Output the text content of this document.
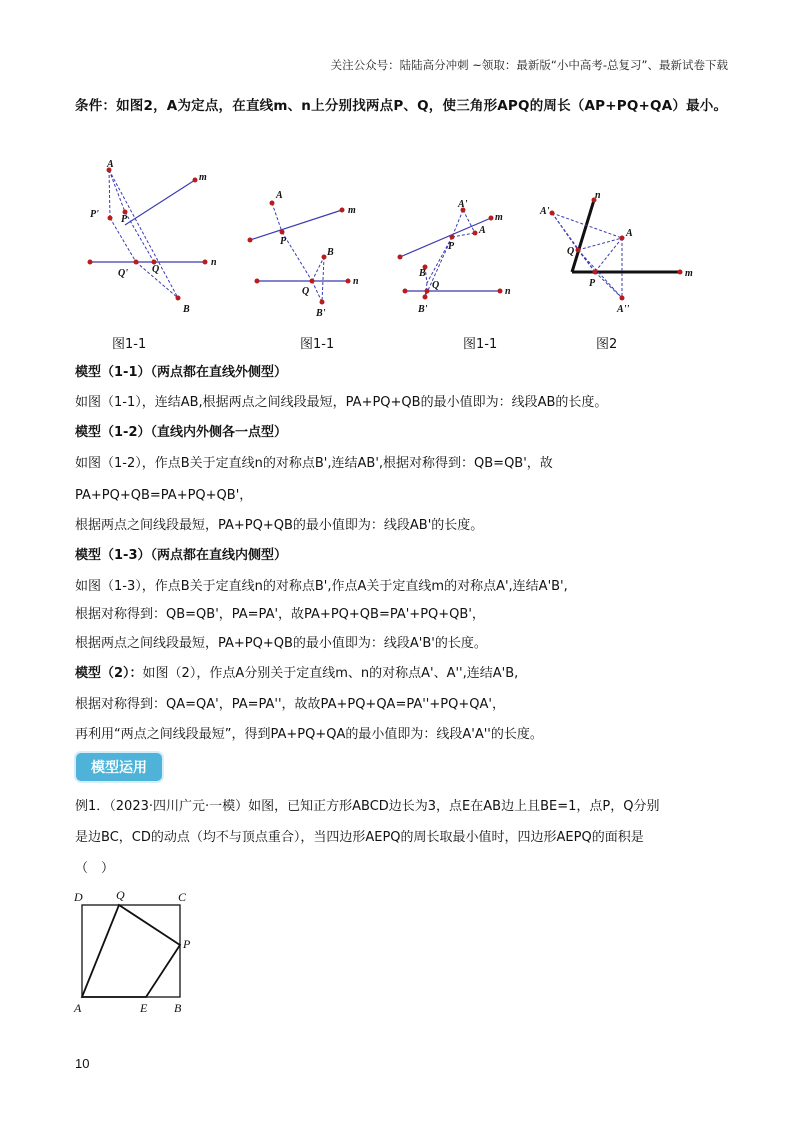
关注公众号：陆陆高分冲刺 ~领取：最新版“小中高考-总复习”、最新试卷下载
条件：如图2，A为定点，在直线m、n上分别找两点P、Q，使三角形APQ的周长（AP+PQ+QA）最小。
A
m
P' P
Q' Q
n
B
A
m
P
B
n
Q
B'
A'
m
A
P
B
Q
n
B'
n
A'
A
Q
P
m
A''
图1-1	图1-1	图1-1	图2
模型（1-1）（两点都在直线外侧型）
如图（1-1），连结AB,根据两点之间线段最短，PA+PQ+QB的最小值即为：线段AB的长度。
模型（1-2）（直线内外侧各一点型）
如图（1-2），作点B关于定直线n的对称点B',连结AB',根据对称得到：QB=QB'，故
PA+PQ+QB=PA+PQ+QB'，
根据两点之间线段最短，PA+PQ+QB的最小值即为：线段AB'的长度。
模型（1-3）（两点都在直线内侧型）
如图（1-3），作点B关于定直线n的对称点B',作点A关于定直线m的对称点A',连结A'B',
根据对称得到：QB=QB'，PA=PA'，故PA+PQ+QB=PA'+PQ+QB'，
根据两点之间线段最短，PA+PQ+QB的最小值即为：线段A'B'的长度。
模型（2）：如图（2），作点A分别关于定直线m、n的对称点A'、A'',连结A'B,
根据对称得到：QA=QA'，PA=PA''，故故PA+PQ+QA=PA''+PQ+QA'，
再利用“两点之间线段最短”，得到PA+PQ+QA的最小值即为：线段A'A''的长度。
模型运用
例1．（2023·四川广元·一模）如图，已知正方形ABCD边长为3，点E在AB边上且BE=1，点P，Q分别
是边BC，CD的动点（均不与顶点重合），当四边形AEPQ的周长取最小值时，四边形AEPQ的面积是
（　）
D	Q	C
P
A	E B
10
